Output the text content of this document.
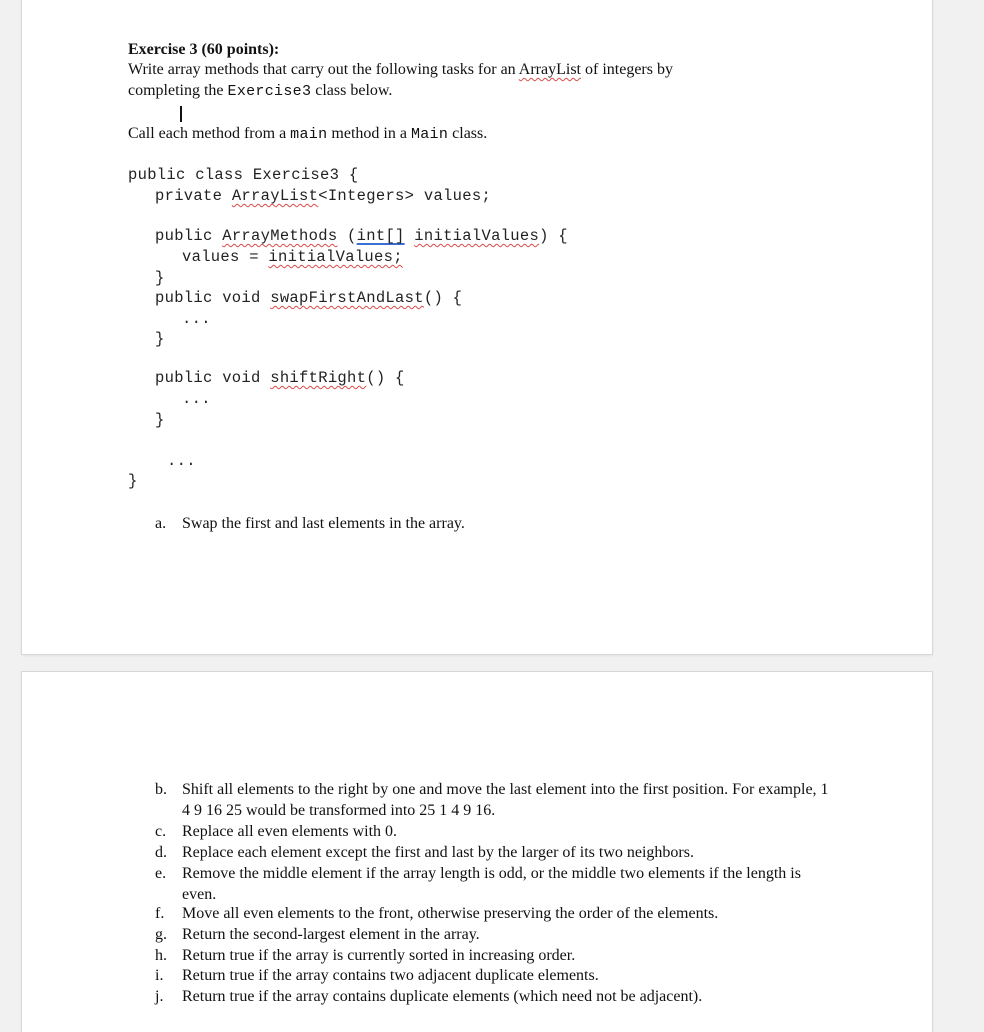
Exercise 3 (60 points):
Write array methods that carry out the following tasks for an ArrayList of integers by
completing the Exercise3 class below.
Call each method from a main method in a Main class.
public class Exercise3 {
private ArrayList<Integers> values;
public ArrayMethods (int[] initialValues) {
values = initialValues;
}
public void swapFirstAndLast() {
...
}
public void shiftRight() {
...
}
...
}
a. Swap the first and last elements in the array.
b. Shift all elements to the right by one and move the last element into the first position. For example, 1 4 9 16 25 would be transformed into 25 1 4 9 16.
c. Replace all even elements with 0.
d. Replace each element except the first and last by the larger of its two neighbors.
e. Remove the middle element if the array length is odd, or the middle two elements if the length is even.
f. Move all even elements to the front, otherwise preserving the order of the elements.
g. Return the second-largest element in the array.
h. Return true if the array is currently sorted in increasing order.
i. Return true if the array contains two adjacent duplicate elements.
j. Return true if the array contains duplicate elements (which need not be adjacent).
